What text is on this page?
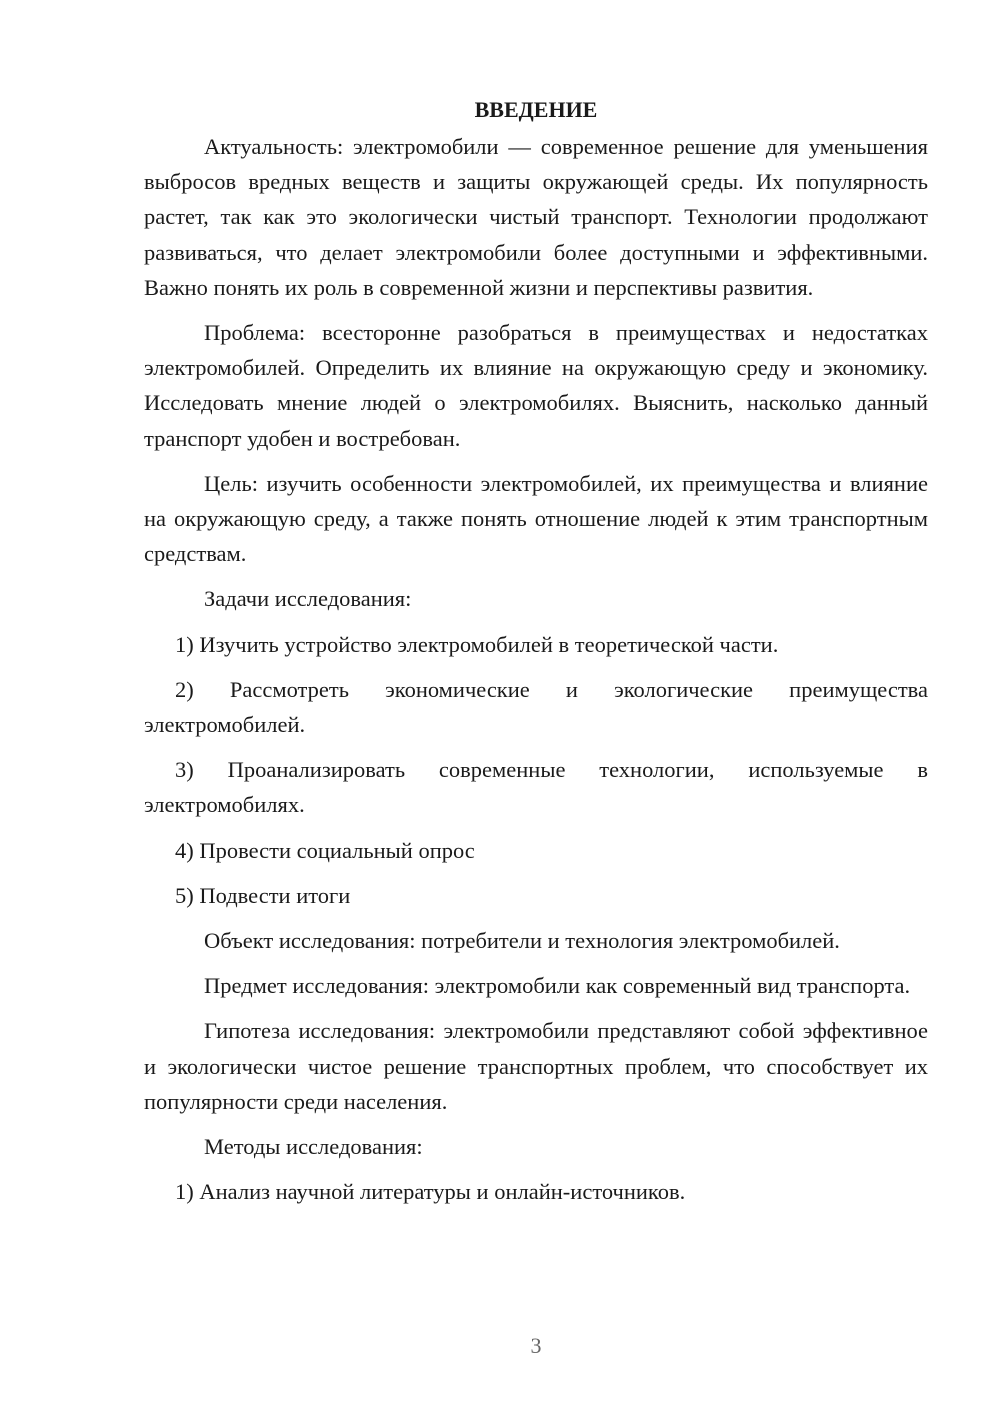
ВВЕДЕНИЕ

Актуальность: электромобили — современное решение для уменьшения выбросов вредных веществ и защиты окружающей среды. Их популярность растет, так как это экологически чистый транспорт. Технологии продолжают развиваться, что делает электромобили более доступными и эффективными. Важно понять их роль в современной жизни и перспективы развития.

Проблема: всесторонне разобраться в преимуществах и недостатках электромобилей. Определить их влияние на окружающую среду и экономику. Исследовать мнение людей о электромобилях. Выяснить, насколько данный транспорт удобен и востребован.

Цель: изучить особенности электромобилей, их преимущества и влияние на окружающую среду, а также понять отношение людей к этим транспортным средствам.

Задачи исследования:

1) Изучить устройство электромобилей в теоретической части.

2) Рассмотреть экономические и экологические преимущества электромобилей.

3) Проанализировать современные технологии, используемые в электромобилях.

4) Провести социальный опрос

5) Подвести итоги

Объект исследования: потребители и технология электромобилей.

Предмет исследования: электромобили как современный вид транспорта.

Гипотеза исследования: электромобили представляют собой эффективное и экологически чистое решение транспортных проблем, что способствует их популярности среди населения.

Методы исследования:

1) Анализ научной литературы и онлайн-источников.

3
